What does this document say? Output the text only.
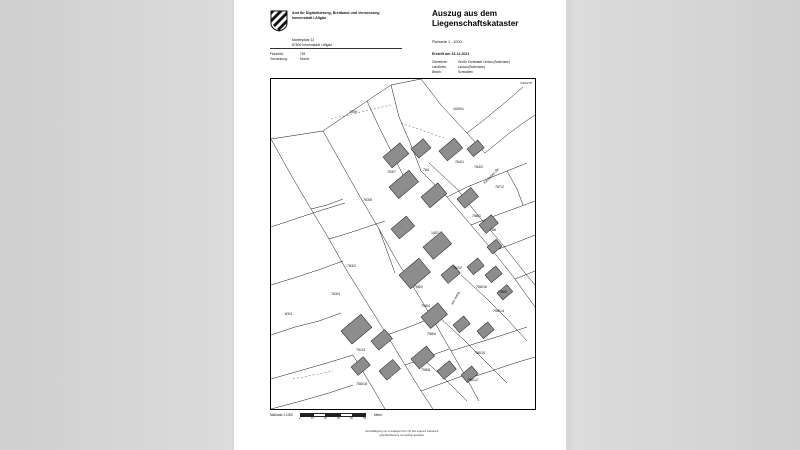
Amt für Digitalisierung, Breitband und Vermessung
Immenstadt i.Allgäu
Marienplatz 12
87509 Immenstadt i.Allgäu
Flurstück:	763
Gemarkung:	Moulin
Auszug aus dem
Liegenschaftskataster
Flurkarte 1 : 1000
Erstellt am 23.12.2021
Gemeinde:	Große Kreisstadt Lindau (Bodensee)
Landkreis:	Lindau (Bodensee)
Bezirk:	Schwaben
FRÜHTR
Kirchplatz-Str.
Am Hang
1009
1009/1
763/7	764
764/1
764/2
767/2
763/5
766/1
766
1407
763/2	762/2
763/4
758/2	758/16
758/4
758/5
758/14
758/4
751/3
758/10
758/8
758/16
758/12
63/3
Maßstab 1:1000
0	10	20	30	40	50
Meter
Vervielfältigung nur in analoger Form für den eigenen Gebrauch,
jede Bearbeitung nur bedingt gestattet.
